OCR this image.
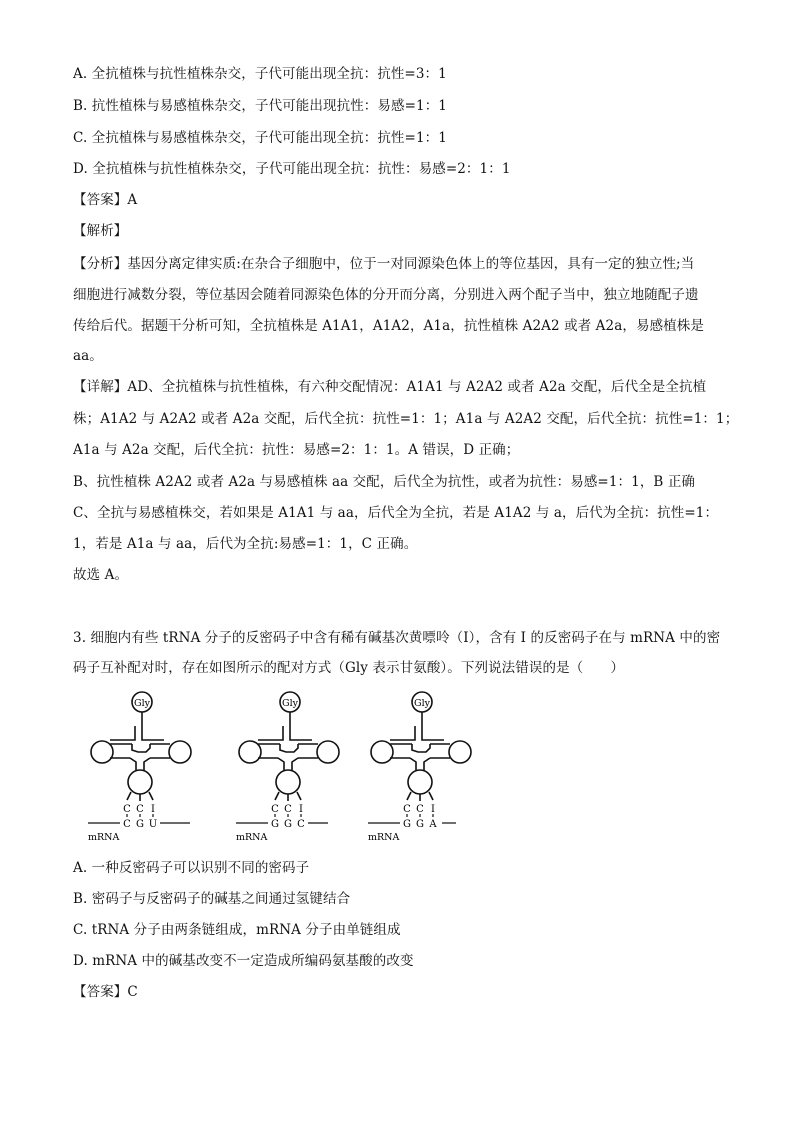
A. 全抗植株与抗性植株杂交，子代可能出现全抗：抗性=3：1
B. 抗性植株与易感植株杂交，子代可能出现抗性：易感=1：1
C. 全抗植株与易感植株杂交，子代可能出现全抗：抗性=1：1
D. 全抗植株与抗性植株杂交，子代可能出现全抗：抗性：易感=2：1：1
【答案】A
【解析】
【分析】基因分离定律实质:在杂合子细胞中，位于一对同源染色体上的等位基因，具有一定的独立性;当
细胞进行减数分裂，等位基因会随着同源染色体的分开而分离，分别进入两个配子当中，独立地随配子遗
传给后代。据题干分析可知，全抗植株是 A1A1，A1A2，A1a，抗性植株 A2A2 或者 A2a，易感植株是
aa。
【详解】AD、全抗植株与抗性植株，有六种交配情况：A1A1 与 A2A2 或者 A2a 交配，后代全是全抗植
株；A1A2 与 A2A2 或者 A2a 交配，后代全抗：抗性=1：1；A1a 与 A2A2 交配，后代全抗：抗性=1：1；
A1a 与 A2a 交配，后代全抗：抗性：易感=2：1：1。A 错误，D 正确；
B、抗性植株 A2A2 或者 A2a 与易感植株 aa 交配，后代全为抗性，或者为抗性：易感=1：1，B 正确
C、全抗与易感植株交，若如果是 A1A1 与 aa，后代全为全抗，若是 A1A2 与 a，后代为全抗：抗性=1：
1，若是 A1a 与 aa，后代为全抗:易感=1：1，C 正确。
故选 A。
3. 细胞内有些 tRNA 分子的反密码子中含有稀有碱基次黄嘌呤（I），含有 I 的反密码子在与 mRNA 中的密
码子互补配对时，存在如图所示的配对方式（Gly 表示甘氨酸）。下列说法错误的是（　　）
Gly
C C I
C G U
mRNA
Gly
C C I
G G C
mRNA
Gly
C C I
G G A
mRNA
A. 一种反密码子可以识别不同的密码子
B. 密码子与反密码子的碱基之间通过氢键结合
C. tRNA 分子由两条链组成，mRNA 分子由单链组成
D. mRNA 中的碱基改变不一定造成所编码氨基酸的改变
【答案】C
